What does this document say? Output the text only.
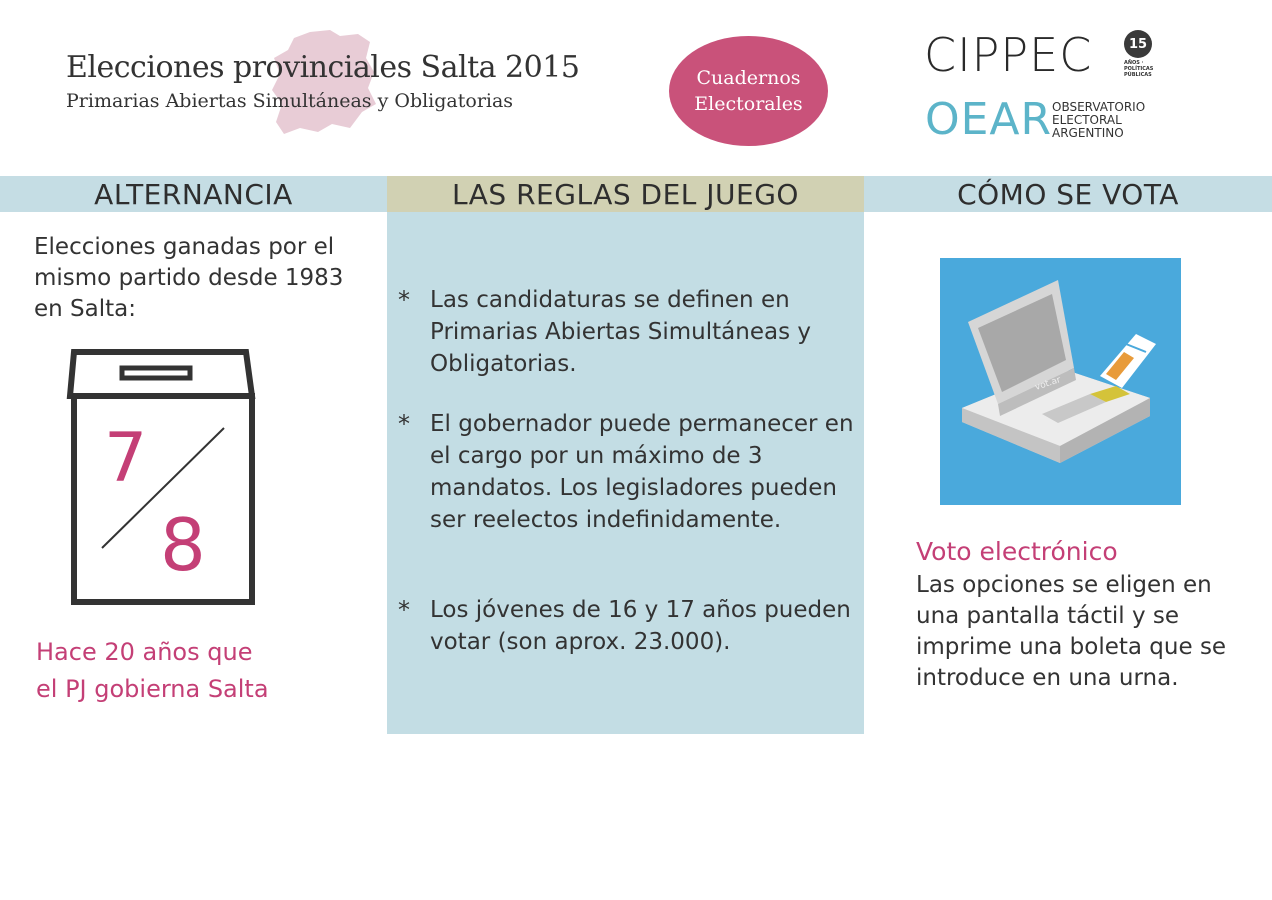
Elecciones provinciales Salta 2015
Primarias Abiertas Simultáneas y Obligatorias
Cuadernos
Electorales
CIPPEC	15
AÑOS · POLÍTICAS PÚBLICAS
OEAR OBSERVATORIO
ELECTORAL
ARGENTINO
ALTERNANCIA	LAS REGLAS DEL JUEGO	CÓMO SE VOTA
Elecciones ganadas por el mismo partido desde 1983 en Salta:
7
8
Hace 20 años que
el PJ gobierna Salta
* Las candidaturas se definen en Primarias Abiertas Simultáneas y Obligatorias.
* El gobernador puede permanecer en el cargo por un máximo de 3 mandatos. Los legisladores pueden ser reelectos indefinidamente.
* Los jóvenes de 16 y 17 años pueden votar (son aprox. 23.000).
vot.ar
Voto electrónico
Las opciones se eligen en una pantalla táctil y se imprime una boleta que se introduce en una urna.
